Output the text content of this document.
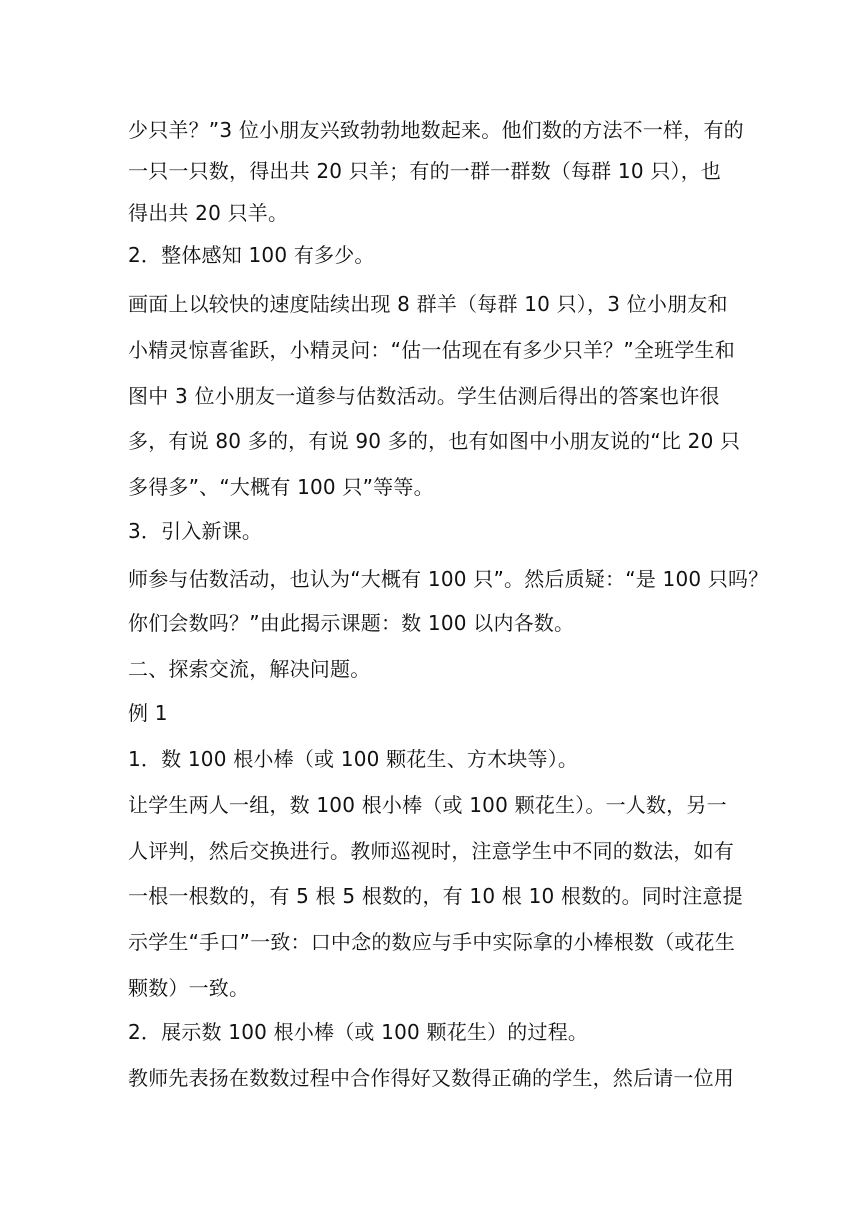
少只羊？”3 位小朋友兴致勃勃地数起来。他们数的方法不一样，有的
一只一只数，得出共 20 只羊；有的一群一群数（每群 10 只），也
得出共 20 只羊。
2．整体感知 100 有多少。
画面上以较快的速度陆续出现 8 群羊（每群 10 只），3 位小朋友和
小精灵惊喜雀跃，小精灵问：“估一估现在有多少只羊？”全班学生和
图中 3 位小朋友一道参与估数活动。学生估测后得出的答案也许很
多，有说 80 多的，有说 90 多的，也有如图中小朋友说的“比 20 只
多得多”、“大概有 100 只”等等。
3．引入新课。
师参与估数活动，也认为“大概有 100 只”。然后质疑：“是 100 只吗？
你们会数吗？”由此揭示课题：数 100 以内各数。
二、探索交流，解决问题。
例 1
1．数 100 根小棒（或 100 颗花生、方木块等）。
让学生两人一组，数 100 根小棒（或 100 颗花生）。一人数，另一
人评判，然后交换进行。教师巡视时，注意学生中不同的数法，如有
一根一根数的，有 5 根 5 根数的，有 10 根 10 根数的。同时注意提
示学生“手口”一致：口中念的数应与手中实际拿的小棒根数（或花生
颗数）一致。
2．展示数 100 根小棒（或 100 颗花生）的过程。
教师先表扬在数数过程中合作得好又数得正确的学生，然后请一位用
